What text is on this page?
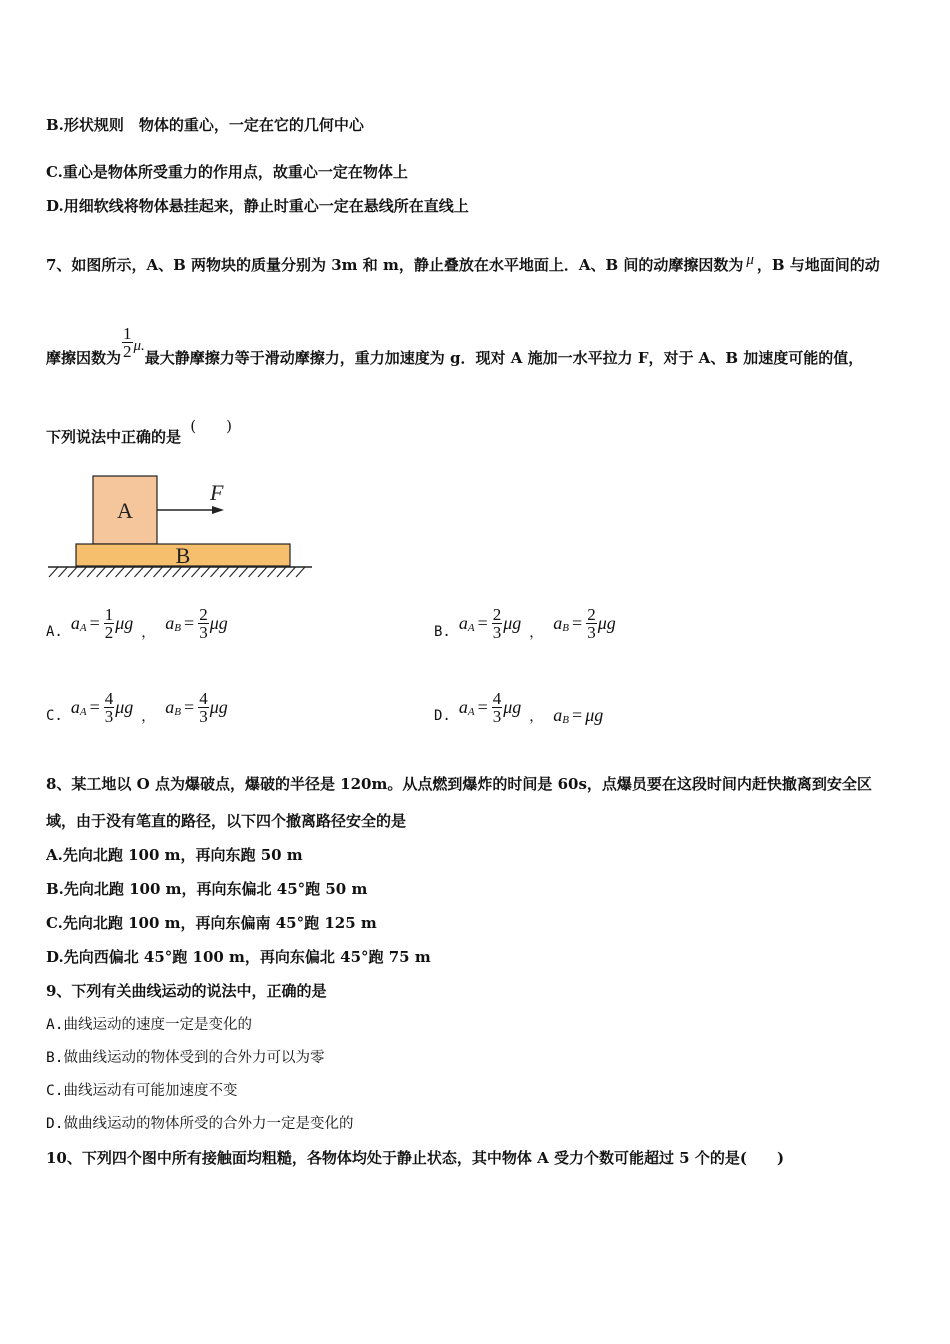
B.形状规则　物体的重心，一定在它的几何中心
C.重心是物体所受重力的作用点，故重心一定在物体上
D.用细软线将物体悬挂起来，静止时重心一定在悬线所在直线上
7、如图所示，A、B 两物块的质量分别为 3m 和 m，静止叠放在水平地面上．A、B 间的动摩擦因数为 μ ，B 与地面间的动
摩擦因数为 $\frac{1}{2} \mu$.
最大静摩擦力等于滑动摩擦力，重力加速度为 g．现对 A 施加一水平拉力 F，对于 A、B 加速度可能的值，
下列说法中正确的是 (　　)
A
F
B
A. $a_A = \frac{1}{2}$ μg ， $a_B = \frac{2}{3}$ μg	B. $a_A = \frac{2}{3}$ μg ， $a_B = \frac{2}{3}$ μg
C. $a_A = \frac{4}{3}$ μg ， $a_B = \frac{4}{3}$ μg	D. $a_A = \frac{4}{3}$ μg ， $a_B = \mu g$
8、某工地以 O 点为爆破点，爆破的半径是 120m。从点燃到爆炸的时间是 60s，点爆员要在这段时间内赶快撤离到安全区
域，由于没有笔直的路径，以下四个撤离路径安全的是
A.先向北跑 100 m，再向东跑 50 m
B.先向北跑 100 m，再向东偏北 45°跑 50 m
C.先向北跑 100 m，再向东偏南 45°跑 125 m
D.先向西偏北 45°跑 100 m，再向东偏北 45°跑 75 m
9、下列有关曲线运动的说法中，正确的是
A.曲线运动的速度一定是变化的
B.做曲线运动的物体受到的合外力可以为零
C.曲线运动有可能加速度不变
D.做曲线运动的物体所受的合外力一定是变化的
10、下列四个图中所有接触面均粗糙，各物体均处于静止状态，其中物体 A 受力个数可能超过 5 个的是(　　)
